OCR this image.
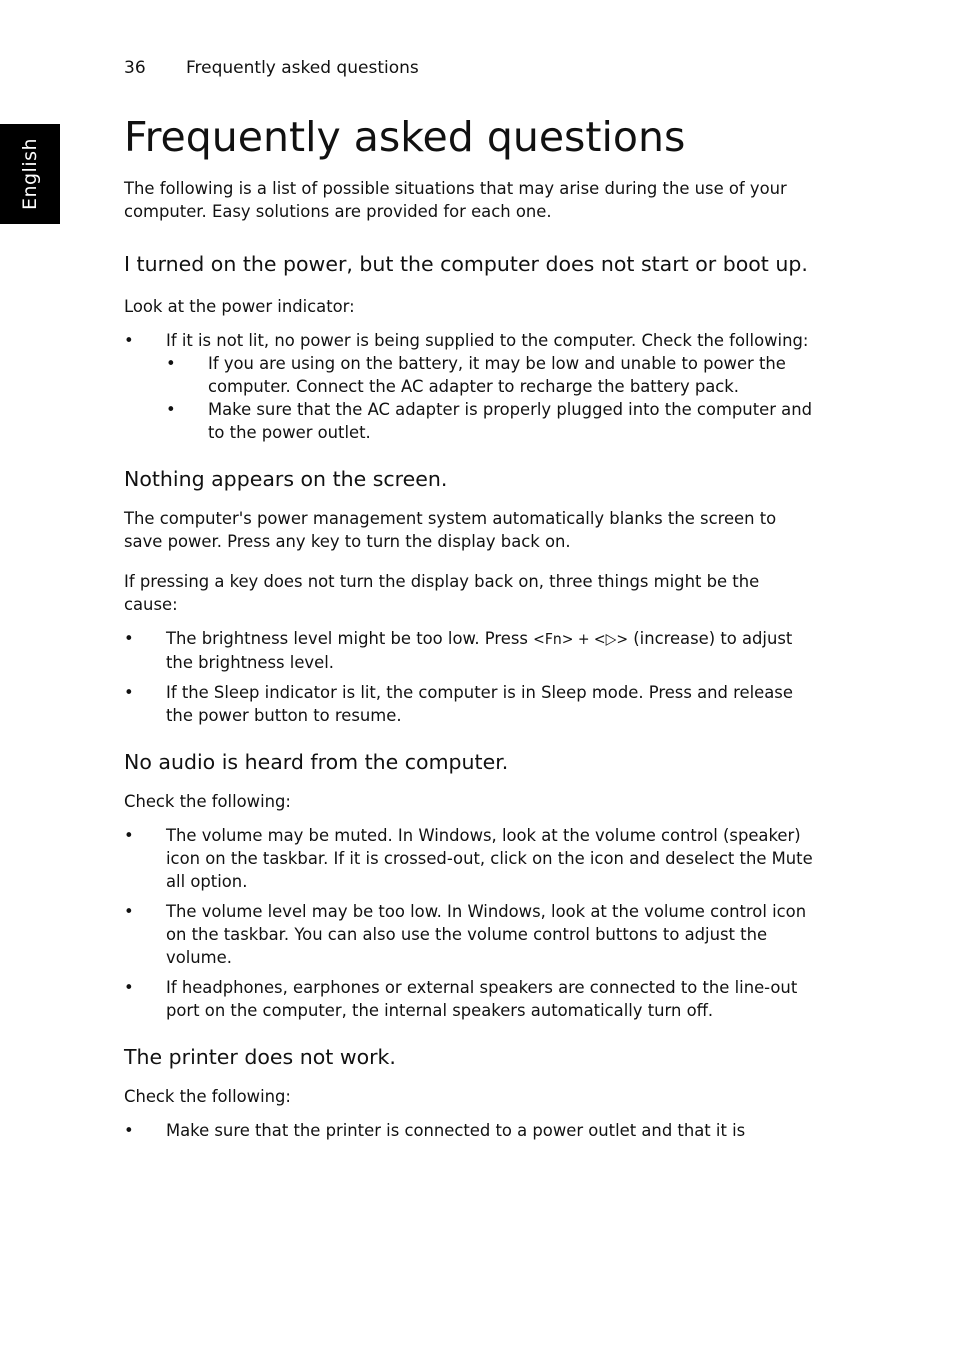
English
36 Frequently asked questions
Frequently asked questions

The following is a list of possible situations that may arise during the use of your computer. Easy solutions are provided for each one.

I turned on the power, but the computer does not start or boot up.

Look at the power indicator:

• If it is not lit, no power is being supplied to the computer. Check the following:
• If you are using on the battery, it may be low and unable to power the computer. Connect the AC adapter to recharge the battery pack.
• Make sure that the AC adapter is properly plugged into the computer and to the power outlet.
Nothing appears on the screen.

The computer's power management system automatically blanks the screen to save power. Press any key to turn the display back on.

If pressing a key does not turn the display back on, three things might be the cause:

• The brightness level might be too low. Press <Fn> + <▷> (increase) to adjust the brightness level.
• If the Sleep indicator is lit, the computer is in Sleep mode. Press and release the power button to resume.
No audio is heard from the computer.

Check the following:

• The volume may be muted. In Windows, look at the volume control (speaker) icon on the taskbar. If it is crossed-out, click on the icon and deselect the Mute all option.
• The volume level may be too low. In Windows, look at the volume control icon on the taskbar. You can also use the volume control buttons to adjust the volume.
• If headphones, earphones or external speakers are connected to the line-out port on the computer, the internal speakers automatically turn off.
The printer does not work.

Check the following:

• Make sure that the printer is connected to a power outlet and that it is
